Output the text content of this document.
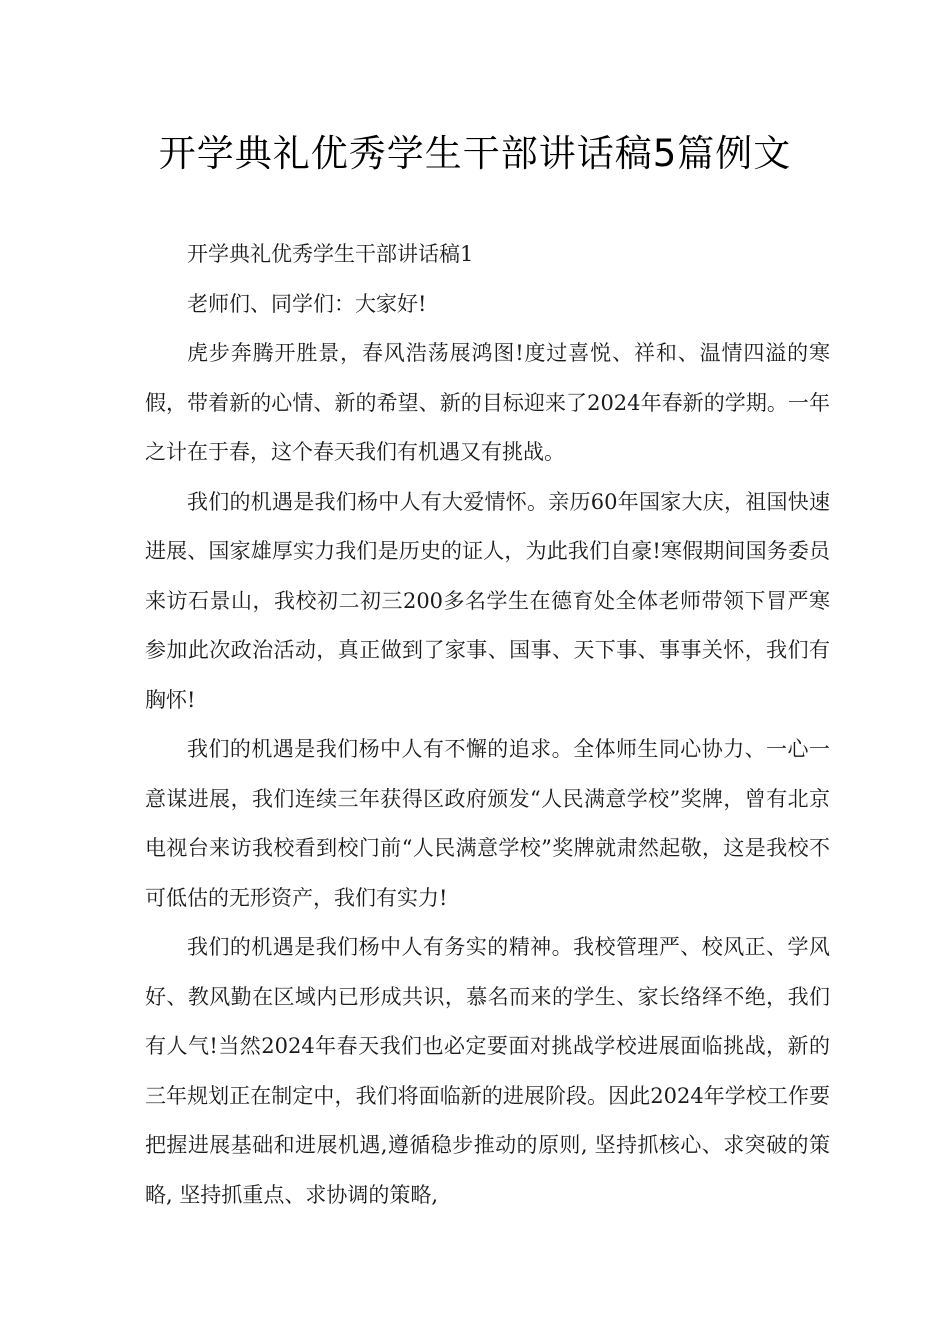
开学典礼优秀学生干部讲话稿5篇例文

开学典礼优秀学生干部讲话稿1

老师们、同学们：大家好!

虎步奔腾开胜景，春风浩荡展鸿图!度过喜悦、祥和、温情四溢的寒假，带着新的心情、新的希望、新的目标迎来了2024年春新的学期。一年之计在于春，这个春天我们有机遇又有挑战。

我们的机遇是我们杨中人有大爱情怀。亲历60年国家大庆，祖国快速进展、国家雄厚实力我们是历史的证人，为此我们自豪!寒假期间国务委员来访石景山，我校初二初三200多名学生在德育处全体老师带领下冒严寒参加此次政治活动，真正做到了家事、国事、天下事、事事关怀，我们有胸怀!

我们的机遇是我们杨中人有不懈的追求。全体师生同心协力、一心一意谋进展，我们连续三年获得区政府颁发“人民满意学校”奖牌，曾有北京电视台来访我校看到校门前“人民满意学校”奖牌就肃然起敬，这是我校不可低估的无形资产，我们有实力!

我们的机遇是我们杨中人有务实的精神。我校管理严、校风正、学风好、教风勤在区域内已形成共识，慕名而来的学生、家长络绎不绝，我们有人气!当然2024年春天我们也必定要面对挑战学校进展面临挑战，新的三年规划正在制定中，我们将面临新的进展阶段。因此2024年学校工作要把握进展基础和进展机遇,遵循稳步推动的原则, 坚持抓核心、求突破的策略, 坚持抓重点、求协调的策略,
